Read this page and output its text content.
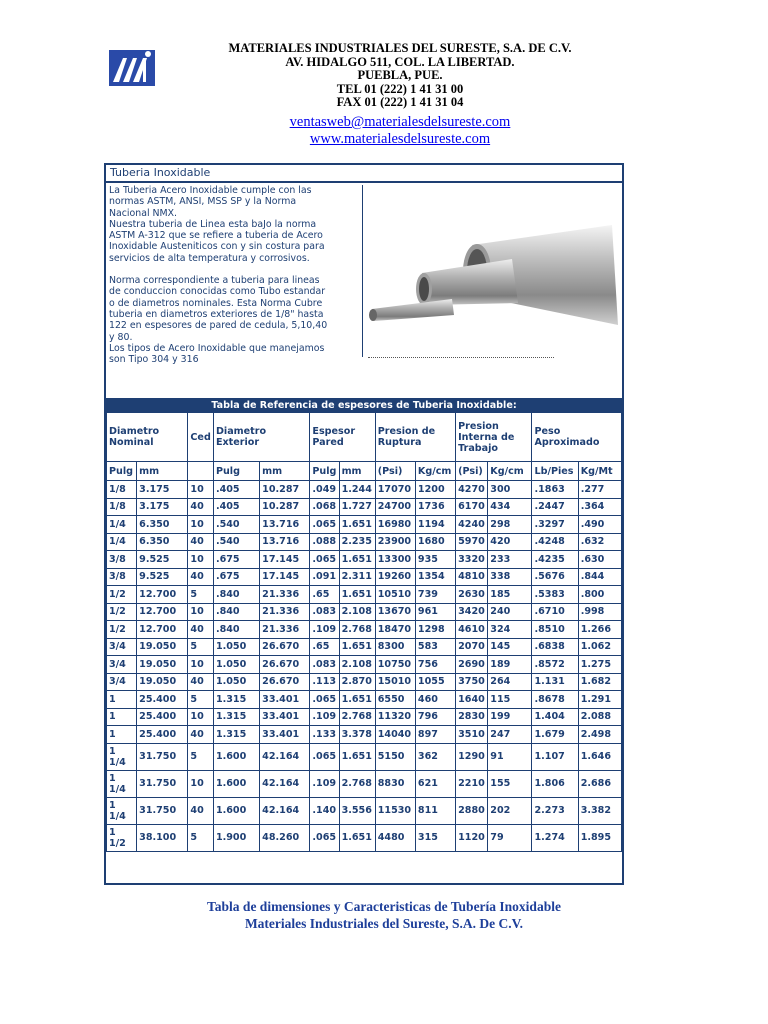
MATERIALES INDUSTRIALES DEL SURESTE, S.A. DE C.V.
AV. HIDALGO 511, COL. LA LIBERTAD.
PUEBLA, PUE.
TEL 01 (222) 1 41 31 00
FAX 01 (222) 1 41 31 04
ventasweb@materialesdelsureste.com
www.materialesdelsureste.com
Tuberia Inoxidable

La Tuberia Acero Inoxidable cumple con las

normas ASTM, ANSI, MSS SP y la Norma

Nacional NMX.

Nuestra tuberia de Linea esta baJo la norma

ASTM A-312 que se refiere a tuberia de Acero

Inoxidable Austeniticos con y sin costura para

servicios de alta temperatura y corrosivos.

Norma correspondiente a tuberia para lineas

de conduccion conocidas como Tubo estandar

o de diametros nominales. Esta Norma Cubre

tuberia en diametros exteriores de 1/8" hasta

122 en espesores de pared de cedula, 5,10,40

y 80.

Los tipos de Acero Inoxidable que manejamos

son Tipo 304 y 316

Tabla de Referencia de espesores de Tuberia Inoxidable:												
Diametro Nominal		Ced	Diametro Exterior		Espesor Pared		Presion de Ruptura		Presion Interna de Trabajo		Peso Aproximado	
Pulg	mm		Pulg	mm	Pulg	mm	(Psi)	Kg/cm	(Psi)	Kg/cm	Lb/Pies	Kg/Mt
1/8	3.175	10	.405	10.287	.049	1.244	17070	1200	4270	300	.1863	.277
1/8	3.175	40	.405	10.287	.068	1.727	24700	1736	6170	434	.2447	.364
1/4	6.350	10	.540	13.716	.065	1.651	16980	1194	4240	298	.3297	.490
1/4	6.350	40	.540	13.716	.088	2.235	23900	1680	5970	420	.4248	.632
3/8	9.525	10	.675	17.145	.065	1.651	13300	935	3320	233	.4235	.630
3/8	9.525	40	.675	17.145	.091	2.311	19260	1354	4810	338	.5676	.844
1/2	12.700	5	.840	21.336	.65	1.651	10510	739	2630	185	.5383	.800
1/2	12.700	10	.840	21.336	.083	2.108	13670	961	3420	240	.6710	.998
1/2	12.700	40	.840	21.336	.109	2.768	18470	1298	4610	324	.8510	1.266
3/4	19.050	5	1.050	26.670	.65	1.651	8300	583	2070	145	.6838	1.062
3/4	19.050	10	1.050	26.670	.083	2.108	10750	756	2690	189	.8572	1.275
3/4	19.050	40	1.050	26.670	.113	2.870	15010	1055	3750	264	1.131	1.682
1	25.400	5	1.315	33.401	.065	1.651	6550	460	1640	115	.8678	1.291
1	25.400	10	1.315	33.401	.109	2.768	11320	796	2830	199	1.404	2.088
1	25.400	40	1.315	33.401	.133	3.378	14040	897	3510	247	1.679	2.498

1
1/4	31.750	5	1.600	42.164	.065	1.651	5150	362	1290	91	1.107	1.646

1
1/4	31.750	10	1.600	42.164	.109	2.768	8830	621	2210	155	1.806	2.686

1
1/4	31.750	40	1.600	42.164	.140	3.556	11530	811	2880	202	2.273	3.382

1
1/2	38.100	5	1.900	48.260	.065	1.651	4480	315	1120	79	1.274	1.895
Tabla de dimensiones y Caracteristicas de Tubería Inoxidable
Materiales Industriales del Sureste, S.A. De C.V.
